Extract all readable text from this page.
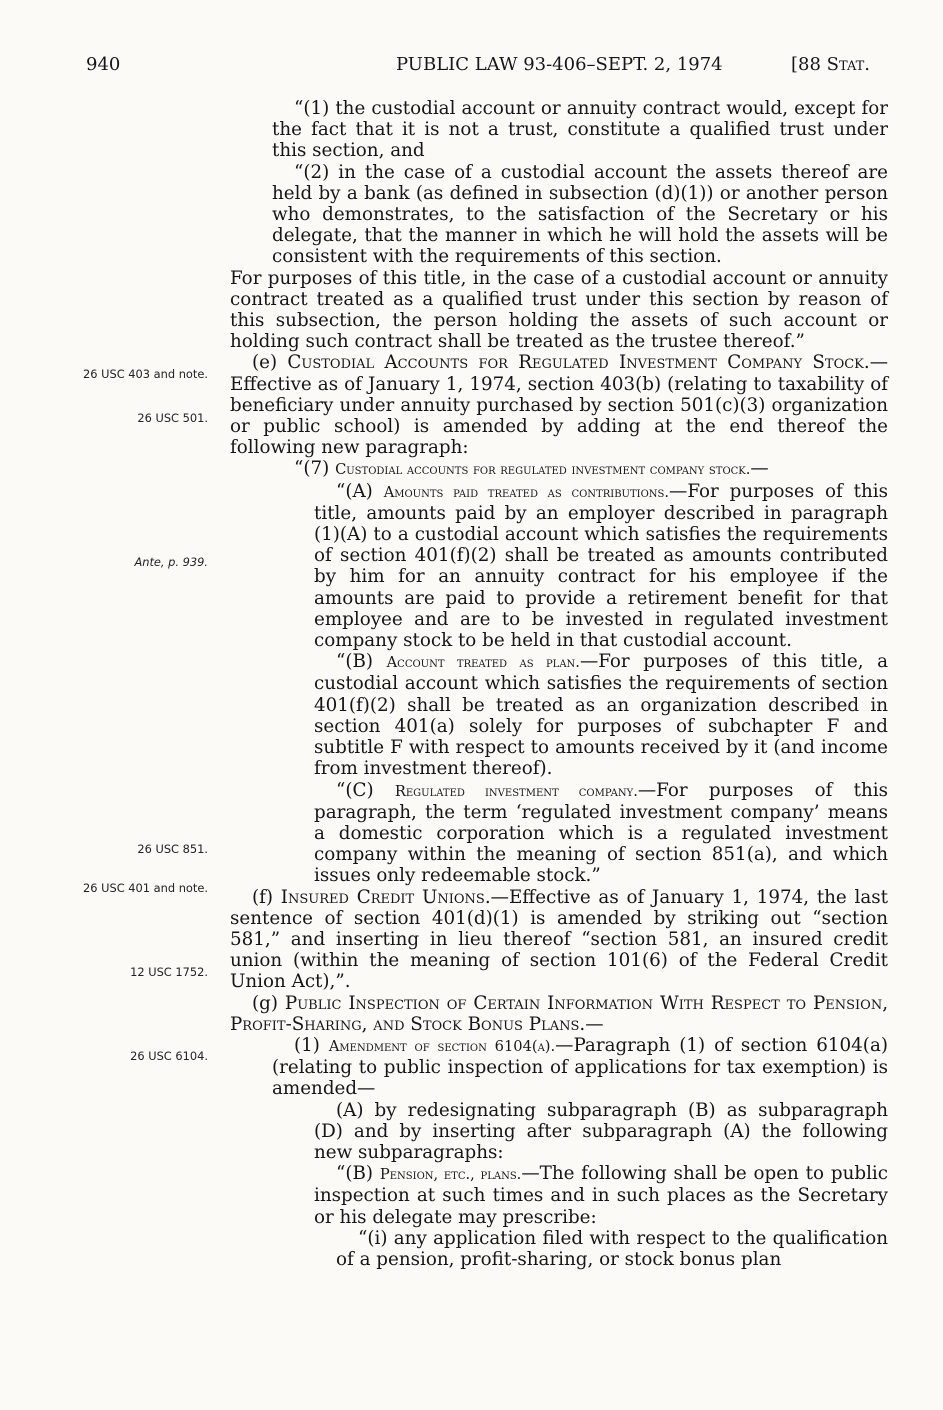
940	PUBLIC LAW 93-406–SEPT. 2, 1974	[88 Stat.
26 USC 403 and note.
26 USC 501.
Ante, p. 939.
26 USC 851.
26 USC 401 and note.
12 USC 1752.
26 USC 6104.

“(1) the custodial account or annuity contract would, except for the fact that it is not a trust, constitute a qualified trust under this section, and

“(2) in the case of a custodial account the assets thereof are held by a bank (as defined in subsection (d)(1)) or another person who demonstrates, to the satisfaction of the Secretary or his delegate, that the manner in which he will hold the assets will be consistent with the requirements of this section.

For purposes of this title, in the case of a custodial account or annuity contract treated as a qualified trust under this section by reason of this subsection, the person holding the assets of such account or holding such contract shall be treated as the trustee thereof.”

(e) Custodial Accounts for Regulated Investment Company Stock.—Effective as of January 1, 1974, section 403(b) (relating to taxability of beneficiary under annuity purchased by section 501(c)(3) organization or public school) is amended by adding at the end thereof the following new paragraph:

“(7) Custodial accounts for regulated investment company stock.—

“(A) Amounts paid treated as contributions.—For purposes of this title, amounts paid by an employer described in paragraph (1)(A) to a custodial account which satisfies the requirements of section 401(f)(2) shall be treated as amounts contributed by him for an annuity contract for his employee if the amounts are paid to provide a retirement benefit for that employee and are to be invested in regulated investment company stock to be held in that custodial account.

“(B) Account treated as plan.—For purposes of this title, a custodial account which satisfies the requirements of section 401(f)(2) shall be treated as an organization described in section 401(a) solely for purposes of subchapter F and subtitle F with respect to amounts received by it (and income from investment thereof).

“(C) Regulated investment company.—For purposes of this paragraph, the term ‘regulated investment company’ means a domestic corporation which is a regulated investment company within the meaning of section 851(a), and which issues only redeemable stock.”

(f) Insured Credit Unions.—Effective as of January 1, 1974, the last sentence of section 401(d)(1) is amended by striking out “section 581,” and inserting in lieu thereof “section 581, an insured credit union (within the meaning of section 101(6) of the Federal Credit Union Act),”.

(g) Public Inspection of Certain Information With Respect to Pension, Profit-Sharing, and Stock Bonus Plans.—

(1) Amendment of section 6104(a).—Paragraph (1) of section 6104(a) (relating to public inspection of applications for tax exemption) is amended—

(A) by redesignating subparagraph (B) as subparagraph (D) and by inserting after subparagraph (A) the following new subparagraphs:

“(B) Pension, etc., plans.—The following shall be open to public inspection at such times and in such places as the Secretary or his delegate may prescribe:

“(i) any application filed with respect to the qualification of a pension, profit-sharing, or stock bonus plan
